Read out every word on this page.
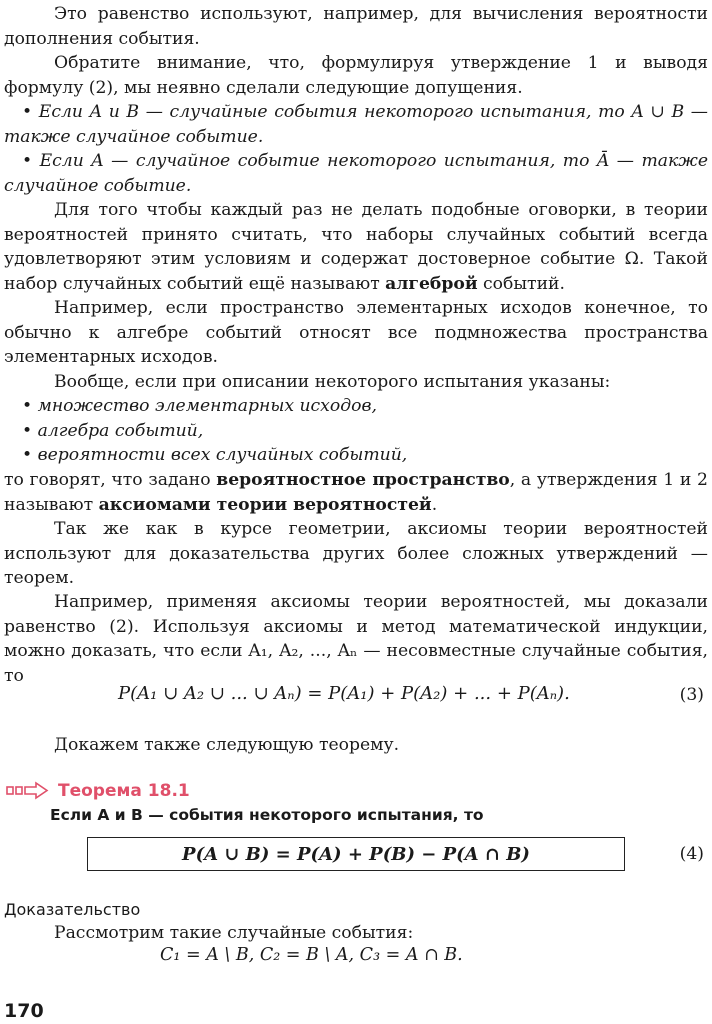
Это равенство используют, например, для вычисления вероятности дополнения события.

Обратите внимание, что, формулируя утверждение 1 и выводя формулу (2), мы неявно сделали следующие допущения.

• Если A и B — случайные события некоторого испытания, то A ∪ B — также случайное событие.

• Если A — случайное событие некоторого испытания, то Ā — также случайное событие.

Для того чтобы каждый раз не делать подобные оговорки, в теории вероятностей принято считать, что наборы случайных событий всегда удовлетворяют этим условиям и содержат достоверное событие Ω. Такой набор случайных событий ещё называют алгеброй событий.

Например, если пространство элементарных исходов конечное, то обычно к алгебре событий относят все подмножества пространства элементарных исходов.

Вообще, если при описании некоторого испытания указаны:

• множество элементарных исходов,

• алгебра событий,

• вероятности всех случайных событий,

то говорят, что задано вероятностное пространство, а утверждения 1 и 2 называют аксиомами теории вероятностей.

Так же как в курсе геометрии, аксиомы теории вероятностей используют для доказательства других более сложных утверждений — теорем.

Например, применяя аксиомы теории вероятностей, мы доказали равенство (2). Используя аксиомы и метод математической индукции, можно доказать, что если A₁, A₂, ..., Aₙ — несовместные случайные события, то

P(A₁ ∪ A₂ ∪ ... ∪ Aₙ) = P(A₁) + P(A₂) + ... + P(Aₙ).	(3)

Докажем также следующую теорему.

Теорема 18.1
Если A и B — события некоторого испытания, то
P(A ∪ B) = P(A) + P(B) − P(A ∩ B)	(4)
Доказательство

Рассмотрим такие случайные события:

C₁ = A \ B, C₂ = B \ A, C₃ = A ∩ B.
170
